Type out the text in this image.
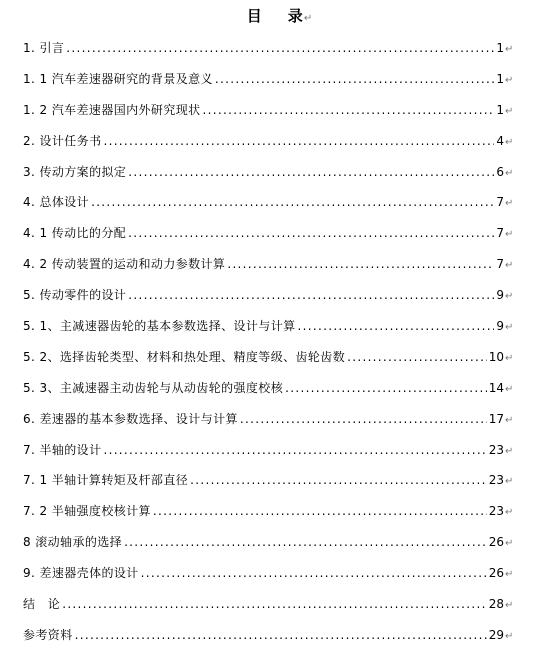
目 录↵
1. 引言 .....	1 ↵
1. 1 汽车差速器研究的背景及意义 .....	1 ↵
1. 2 汽车差速器国内外研究现状 .....	1 ↵
2. 设计任务书 .....	4 ↵
3. 传动方案的拟定 .....	6 ↵
4. 总体设计 .....	7 ↵
4. 1 传动比的分配 .....	7 ↵
4. 2 传动装置的运动和动力参数计算 .....	7 ↵
5. 传动零件的设计 .....	9 ↵
5. 1、主减速器齿轮的基本参数选择、设计与计算 .....	9 ↵
5. 2、选择齿轮类型、材料和热处理、精度等级、齿轮齿数 .....	10 ↵
5. 3、主减速器主动齿轮与从动齿轮的强度校核 .....	14 ↵
6. 差速器的基本参数选择、设计与计算 .....	17 ↵
7. 半轴的设计 .....	23 ↵
7. 1 半轴计算转矩及杆部直径 .....	23 ↵
7. 2 半轴强度校核计算 .....	23 ↵
8 滚动轴承的选择 .....	26 ↵
9. 差速器壳体的设计 .....	26 ↵
结　论 .....	28 ↵
参考资料 .....	29 ↵
